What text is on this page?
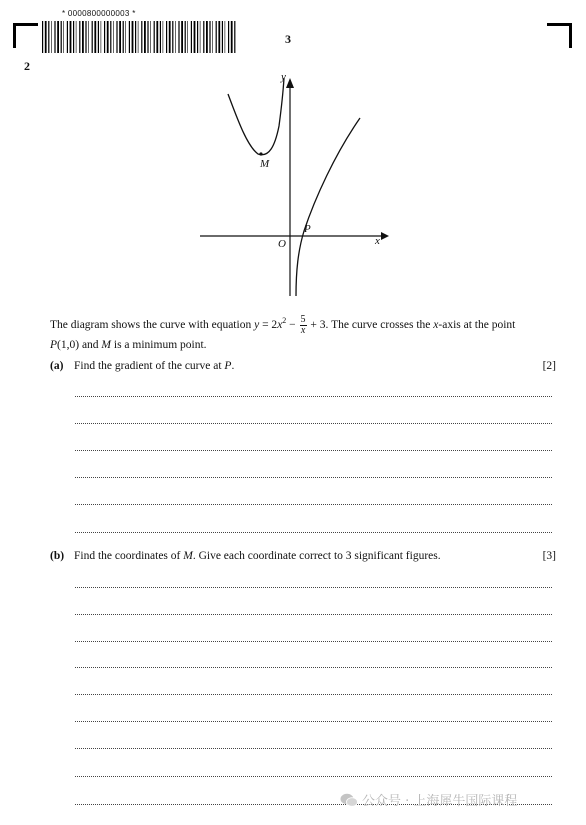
* 0000800000003 *
3
2
y
x
O
M
P
The diagram shows the curve with equation $y = 2x^2 - \frac{5}{x} + 3$. The curve crosses the x-axis at the point
P(1,0) and M is a minimum point.
(a) Find the gradient of the curve at P.	[2]
(b) Find the coordinates of M. Give each coordinate correct to 3 significant figures.	[3]
公众号 · 上海犀牛国际课程
